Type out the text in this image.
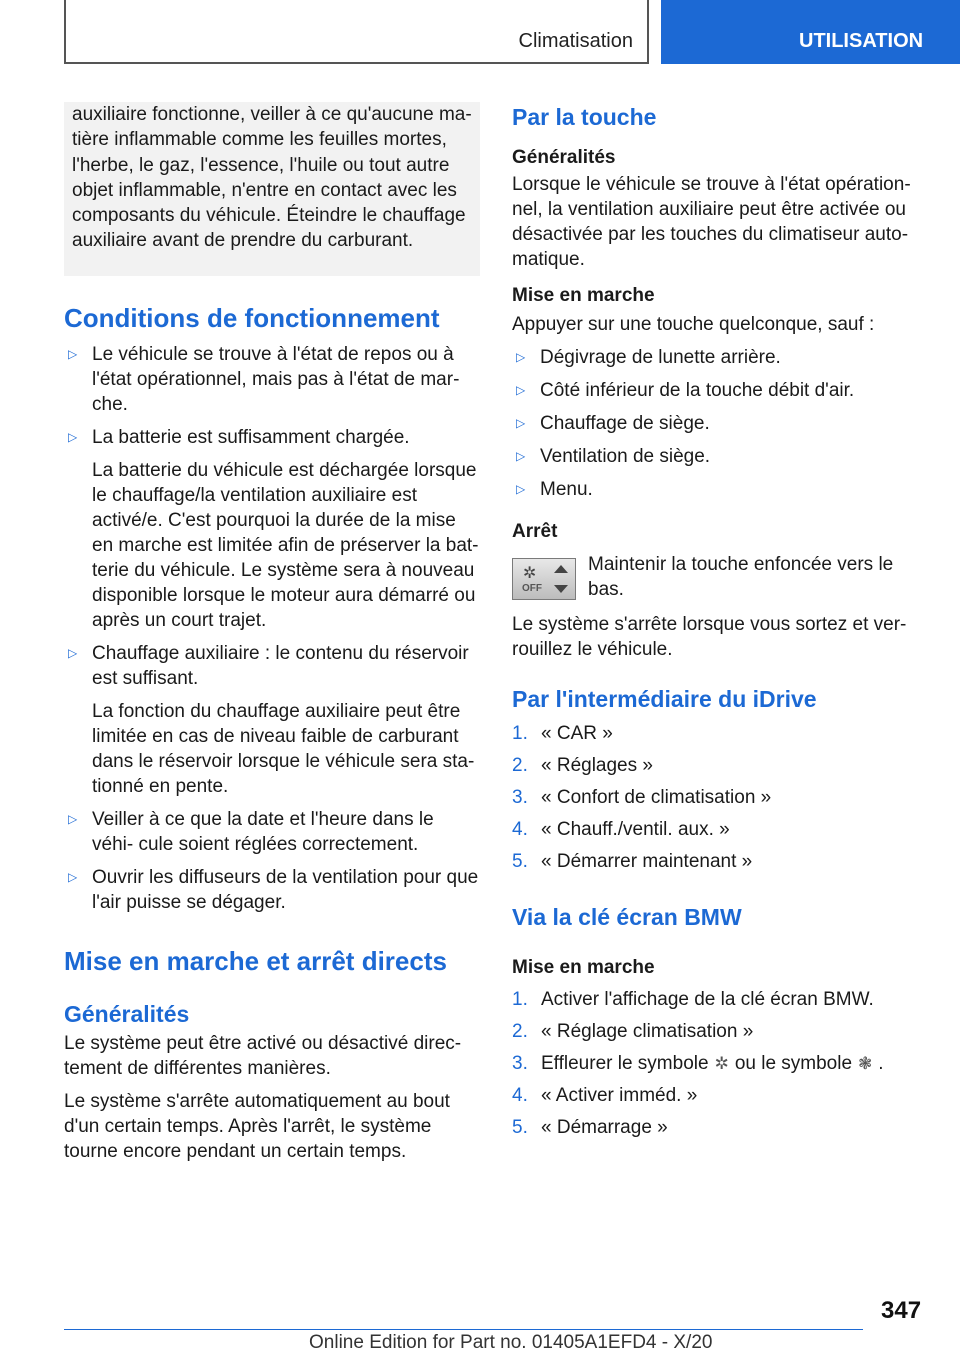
Climatisation	UTILISATION

auxiliaire fonctionne, veiller à ce qu'aucune ma-

tière inflammable comme les feuilles mortes,

l'herbe, le gaz, l'essence, l'huile ou tout autre

objet inflammable, n'entre en contact avec les

composants du véhicule. Éteindre le chauffage

auxiliaire avant de prendre du carburant.

Conditions de fonctionnement
▷ Le véhicule se trouve à l'état de repos ou à l'état opérationnel, mais pas à l'état de mar- che.

▷ La batterie est suffisamment chargée.

La batterie du véhicule est déchargée lorsque le chauffage/la ventilation auxiliaire est activé/e. C'est pourquoi la durée de la mise en marche est limitée afin de préserver la bat- terie du véhicule. Le système sera à nouveau disponible lorsque le moteur aura démarré ou après un court trajet.

▷ Chauffage auxiliaire : le contenu du réservoir est suffisant.

La fonction du chauffage auxiliaire peut être limitée en cas de niveau faible de carburant dans le réservoir lorsque le véhicule sera sta- tionné en pente.

▷ Veiller à ce que la date et l'heure dans le véhi- cule soient réglées correctement.

▷ Ouvrir les diffuseurs de la ventilation pour que l'air puisse se dégager.

Mise en marche et arrêt directs
Généralités

Le système peut être activé ou désactivé direc- tement de différentes manières.

Le système s'arrête automatiquement au bout d'un certain temps. Après l'arrêt, le système tourne encore pendant un certain temps.

Par la touche
Généralités

Lorsque le véhicule se trouve à l'état opération- nel, la ventilation auxiliaire peut être activée ou désactivée par les touches du climatiseur auto- matique.

Mise en marche

Appuyer sur une touche quelconque, sauf :

▷ Dégivrage de lunette arrière.

▷ Côté inférieur de la touche débit d'air.

▷ Chauffage de siège.

▷ Ventilation de siège.

▷ Menu.

Arrêt
✲
OFF

Maintenir la touche enfoncée vers le bas.

Le système s'arrête lorsque vous sortez et ver- rouillez le véhicule.

Par l'intermédiaire du iDrive
1. « CAR »
2. « Réglages »
3. « Confort de climatisation »
4. « Chauff./ventil. aux. »
5. « Démarrer maintenant »
Via la clé écran BMW
Mise en marche
1. Activer l'affichage de la clé écran BMW.
2. « Réglage climatisation »
3. Effleurer le symbole ✲ ou le symbole ❃ .
4. « Activer imméd. »
5. « Démarrage »
347
Online Edition for Part no. 01405A1EFD4 - X/20
